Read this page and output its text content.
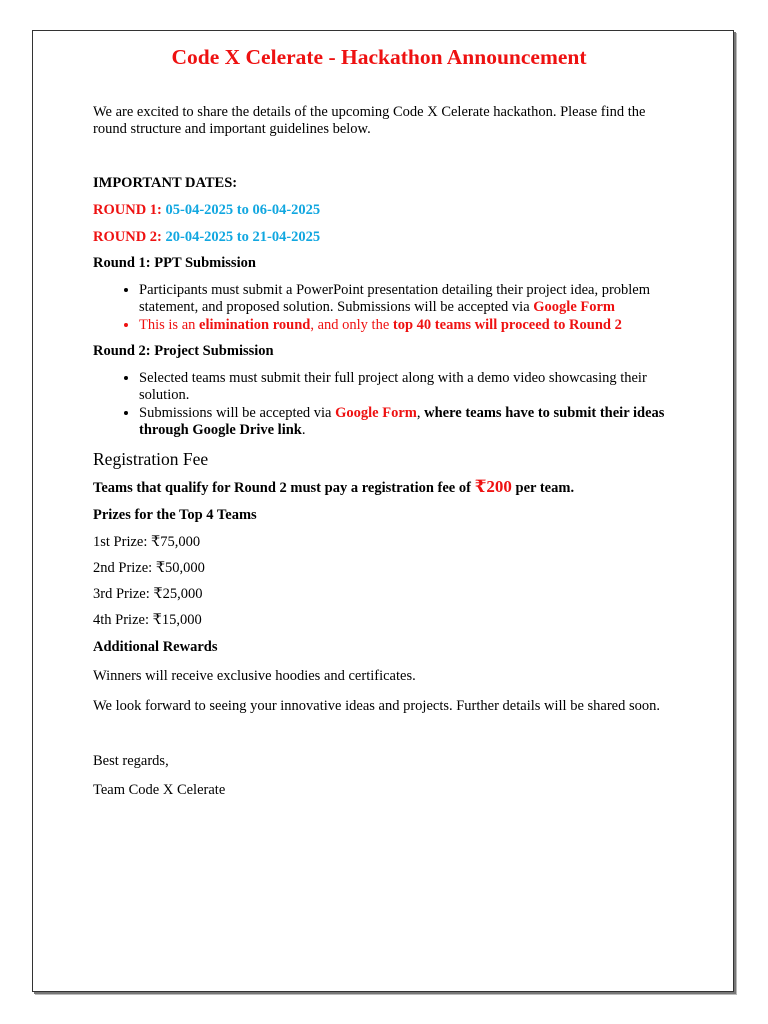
Code X Celerate - Hackathon Announcement

We are excited to share the details of the upcoming Code X Celerate hackathon. Please find the round structure and important guidelines below.

IMPORTANT DATES:

ROUND 1: 05-04-2025 to 06-04-2025

ROUND 2: 20-04-2025 to 21-04-2025

Round 1: PPT Submission

• Participants must submit a PowerPoint presentation detailing their project idea, problem statement, and proposed solution. Submissions will be accepted via Google Form
• This is an elimination round, and only the top 40 teams will proceed to Round 2

Round 2: Project Submission

• Selected teams must submit their full project along with a demo video showcasing their solution.
• Submissions will be accepted via Google Form, where teams have to submit their ideas through Google Drive link.
Registration Fee

Teams that qualify for Round 2 must pay a registration fee of ₹200 per team.

Prizes for the Top 4 Teams

1st Prize: ₹75,000

2nd Prize: ₹50,000

3rd Prize: ₹25,000

4th Prize: ₹15,000

Additional Rewards

Winners will receive exclusive hoodies and certificates.

We look forward to seeing your innovative ideas and projects. Further details will be shared soon.

Best regards,

Team Code X Celerate
